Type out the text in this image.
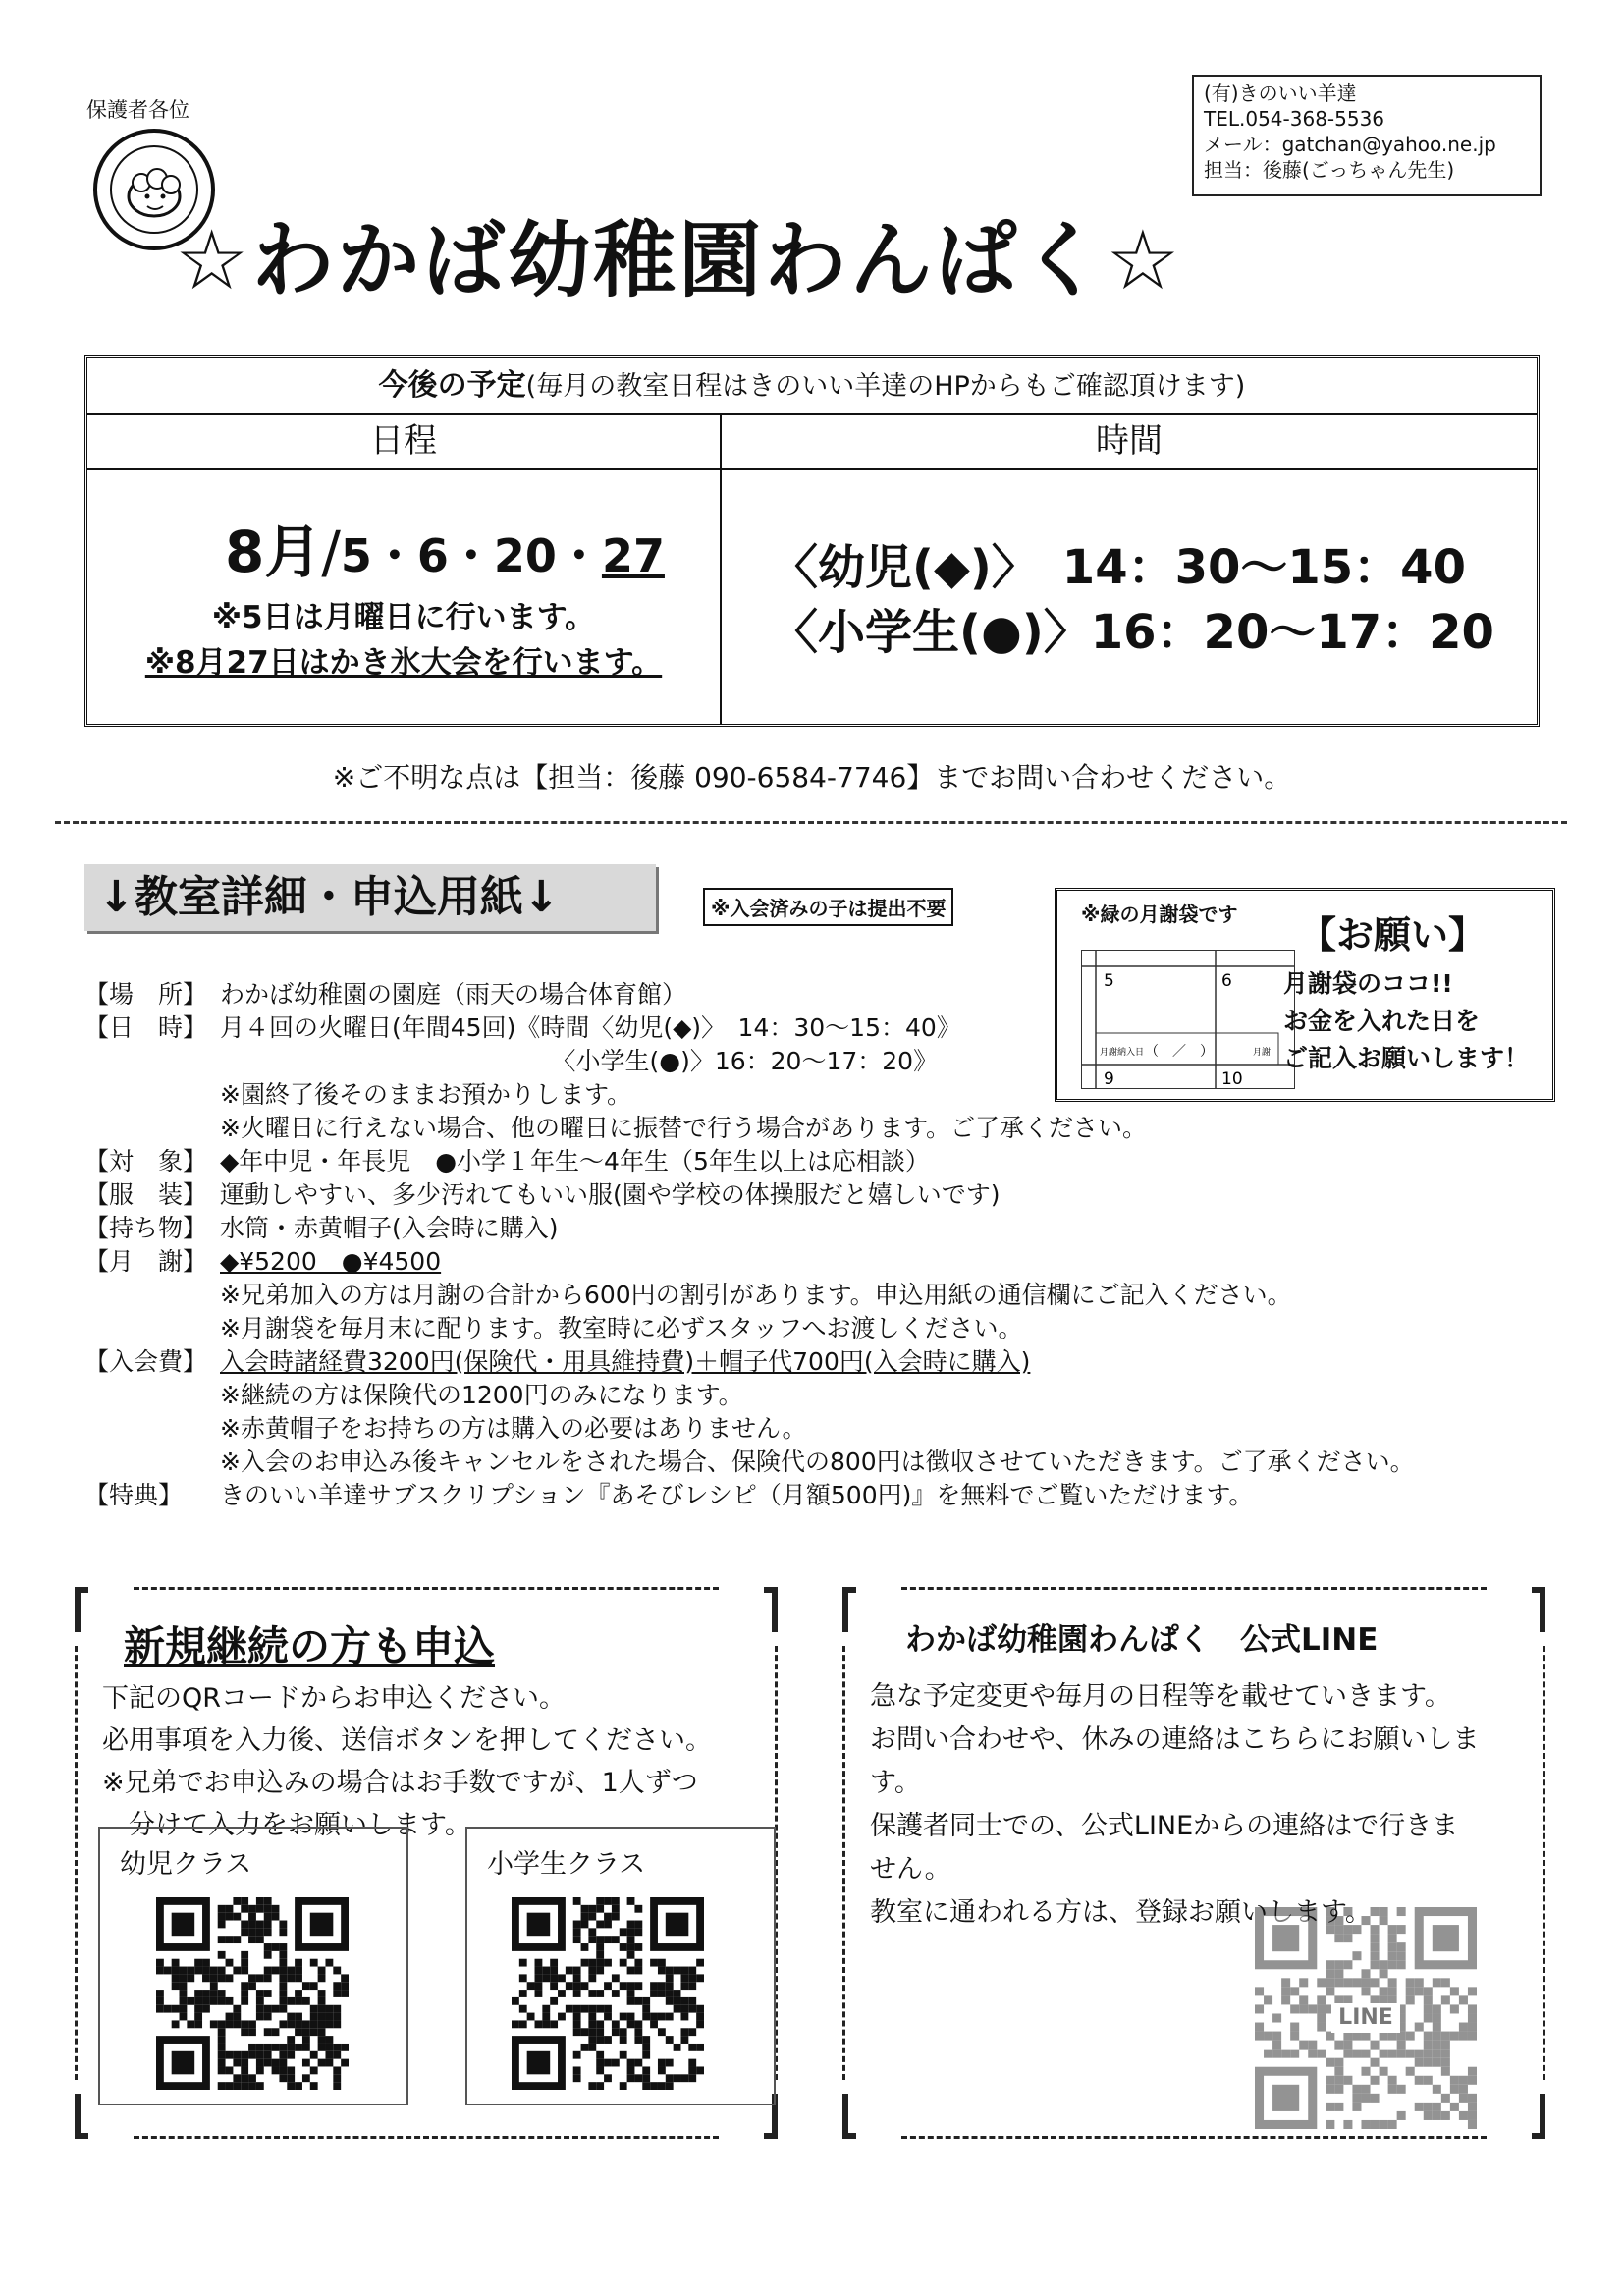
保護者各位
(有)きのいい羊達
TEL.054-368-5536
メール：gatchan@yahoo.ne.jp
担当：後藤(ごっちゃん先生)
☆わかば幼稚園わんぱく☆
今後の予定(毎月の教室日程はきのいい羊達のHPからもご確認頂けます)
日程	時間
8月/5・6・20・27
※5日は月曜日に行います。
※8月27日はかき氷大会を行います。
〈幼児(◆)〉　14：30～15：40
〈小学生(●)〉16：20～17：20
※ご不明な点は【担当：後藤 090-6584-7746】までお問い合わせください。
↓教室詳細・申込用紙↓	※入会済みの子は提出不要	※緑の月謝袋です
5	6
9	10
月謝納入日 （　／　）	月謝
【お願い】
月謝袋のココ!!
お金を入れた日を
ご記入お願いします！
【場　所】 わかば幼稚園の園庭（雨天の場合体育館）
【日　時】 月４回の火曜日(年間45回)《時間〈幼児(◆)〉　14：30～15：40》
　　　　　　　　　　　　　　〈小学生(●)〉16：20～17：20》
※園終了後そのままお預かりします。
※火曜日に行えない場合、他の曜日に振替で行う場合があります。ご了承ください。
【対　象】 ◆年中児・年長児　●小学１年生～4年生（5年生以上は応相談）
【服　装】 運動しやすい、多少汚れてもいい服(園や学校の体操服だと嬉しいです)
【持ち物】 水筒・赤黄帽子(入会時に購入)
【月　謝】 ◆¥5200　●¥4500
※兄弟加入の方は月謝の合計から600円の割引があります。申込用紙の通信欄にご記入ください。
※月謝袋を毎月末に配ります。教室時に必ずスタッフへお渡しください。
【入会費】 入会時諸経費3200円(保険代・用具維持費)＋帽子代700円(入会時に購入)
※継続の方は保険代の1200円のみになります。
※赤黄帽子をお持ちの方は購入の必要はありません。
※入会のお申込み後キャンセルをされた場合、保険代の800円は徴収させていただきます。ご了承ください。
【特典】	きのいい羊達サブスクリプション『あそびレシピ（月額500円)』を無料でご覧いただけます。
新規継続の方も申込
下記のQRコードからお申込ください。
必用事項を入力後、送信ボタンを押してください。
※兄弟でお申込みの場合はお手数ですが、1人ずつ
　分けて入力をお願いします。
幼児クラス	小学生クラス
わかば幼稚園わんぱく　公式LINE
急な予定変更や毎月の日程等を載せていきます。
お問い合わせや、休みの連絡はこちらにお願いしま
す。
保護者同士での、公式LINEからの連絡はで行きま
せん。
教室に通われる方は、登録お願いします。
LINE
